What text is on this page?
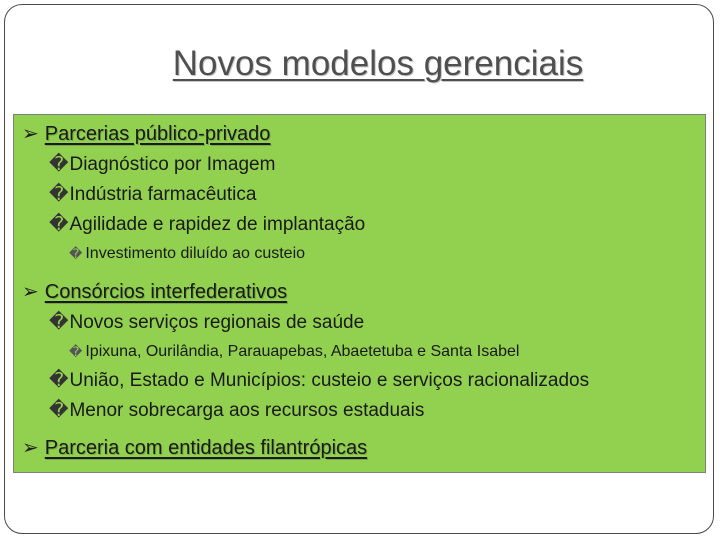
Novos modelos gerenciais
➢ Parcerias público-privado
�Diagnóstico por Imagem
�Indústria farmacêutica
�Agilidade e rapidez de implantação
� Investimento diluído ao custeio
➢ Consórcios interfederativos
�Novos serviços regionais de saúde
� Ipixuna, Ourilândia, Parauapebas, Abaetetuba e Santa Isabel
�União, Estado e Municípios: custeio e serviços racionalizados
�Menor sobrecarga aos recursos estaduais
➢ Parceria com entidades filantrópicas
